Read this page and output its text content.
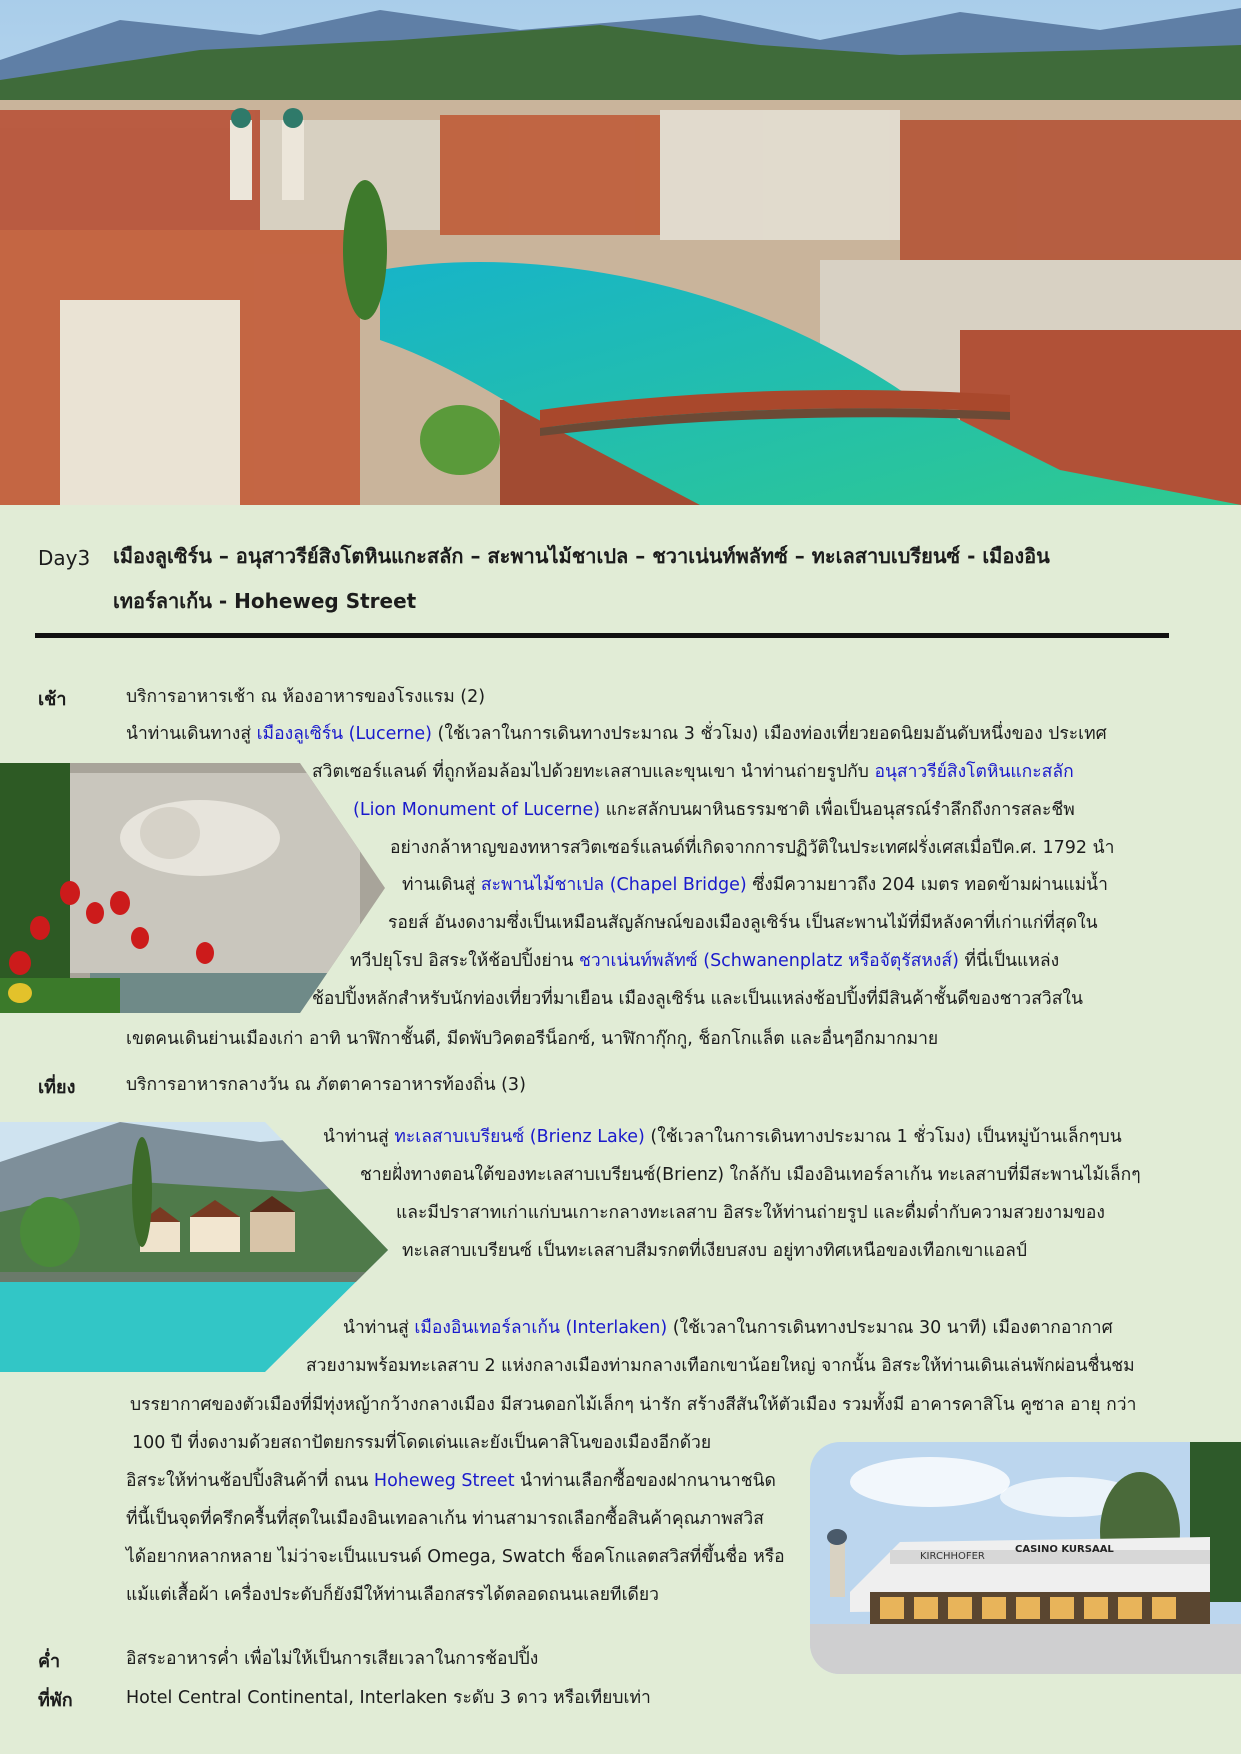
Day3 เมืองลูเซิร์น – อนุสาวรีย์สิงโตหินแกะสลัก – สะพานไม้ชาเปล – ชวาเน่นท์พลัทซ์ – ทะเลสาบเบรียนซ์ - เมืองอิน
เทอร์ลาเก้น - Hoheweg Street
เช้า	บริการอาหารเช้า ณ ห้องอาหารของโรงแรม (2)
นำท่านเดินทางสู่ เมืองลูเซิร์น (Lucerne) (ใช้เวลาในการเดินทางประมาณ 3 ชั่วโมง) เมืองท่องเที่ยวยอดนิยมอันดับหนึ่งของ ประเทศ
สวิตเซอร์แลนด์ ที่ถูกห้อมล้อมไปด้วยทะเลสาบและขุนเขา นำท่านถ่ายรูปกับ อนุสาวรีย์สิงโตหินแกะสลัก
(Lion Monument of Lucerne) แกะสลักบนผาหินธรรมชาติ เพื่อเป็นอนุสรณ์รำลึกถึงการสละชีพ
อย่างกล้าหาญของทหารสวิตเซอร์แลนด์ที่เกิดจากการปฏิวัติในประเทศฝรั่งเศสเมื่อปีค.ศ. 1792 นำ
ท่านเดินสู่ สะพานไม้ชาเปล (Chapel Bridge) ซึ่งมีความยาวถึง 204 เมตร ทอดข้ามผ่านแม่น้ำ
รอยส์ อันงดงามซึ่งเป็นเหมือนสัญลักษณ์ของเมืองลูเซิร์น เป็นสะพานไม้ที่มีหลังคาที่เก่าแก่ที่สุดใน
ทวีปยุโรป อิสระให้ช้อปปิ้งย่าน ชวาเน่นท์พลัทซ์ (Schwanenplatz หรือจัตุรัสหงส์) ที่นี่เป็นแหล่ง
ช้อปปิ้งหลักสำหรับนักท่องเที่ยวที่มาเยือน เมืองลูเซิร์น และเป็นแหล่งช้อปปิ้งที่มีสินค้าชั้นดีของชาวสวิสใน
เขตคนเดินย่านเมืองเก่า อาทิ นาฬิกาชั้นดี, มีดพับวิคตอรีน็อกซ์, นาฬิกากุ๊กกู, ช็อกโกแล็ต และอื่นๆอีกมากมาย
เที่ยง	บริการอาหารกลางวัน ณ ภัตตาคารอาหารท้องถิ่น (3)
นำท่านสู่ ทะเลสาบเบรียนซ์ (Brienz Lake) (ใช้เวลาในการเดินทางประมาณ 1 ชั่วโมง) เป็นหมู่บ้านเล็กๆบน
ชายฝั่งทางตอนใต้ของทะเลสาบเบรียนซ์(Brienz) ใกล้กับ เมืองอินเทอร์ลาเก้น ทะเลสาบที่มีสะพานไม้เล็กๆ
และมีปราสาทเก่าแก่บนเกาะกลางทะเลสาบ อิสระให้ท่านถ่ายรูป และดื่มด่ำกับความสวยงามของ
ทะเลสาบเบรียนซ์ เป็นทะเลสาบสีมรกตที่เงียบสงบ อยู่ทางทิศเหนือของเทือกเขาแอลป์
นำท่านสู่ เมืองอินเทอร์ลาเก้น (Interlaken) (ใช้เวลาในการเดินทางประมาณ 30 นาที) เมืองตากอากาศ
สวยงามพร้อมทะเลสาบ 2 แห่งกลางเมืองท่ามกลางเทือกเขาน้อยใหญ่ จากนั้น อิสระให้ท่านเดินเล่นพักผ่อนชื่นชม
บรรยากาศของตัวเมืองที่มีทุ่งหญ้ากว้างกลางเมือง มีสวนดอกไม้เล็กๆ น่ารัก สร้างสีสันให้ตัวเมือง รวมทั้งมี อาคารคาสิโน คูซาล อายุ กว่า
100 ปี ที่งดงามด้วยสถาปัตยกรรมที่โดดเด่นและยังเป็นคาสิโนของเมืองอีกด้วย
อิสระให้ท่านช้อปปิ้งสินค้าที่ ถนน Hoheweg Street นำท่านเลือกซื้อของฝากนานาชนิด
ที่นี้เป็นจุดที่ครึกครื้นที่สุดในเมืองอินเทอลาเก้น ท่านสามารถเลือกซื้อสินค้าคุณภาพสวิส
ได้อยากหลากหลาย ไม่ว่าจะเป็นแบรนด์ Omega, Swatch ช็อคโกแลตสวิสที่ขึ้นชื่อ หรือ
แม้แต่เสื้อผ้า เครื่องประดับก็ยังมีให้ท่านเลือกสรรได้ตลอดถนนเลยทีเดียว
KIRCHHOFER
CASINO KURSAAL
ค่ำ	อิสระอาหารค่ำ เพื่อไม่ให้เป็นการเสียเวลาในการช้อปปิ้ง
ที่พัก	Hotel Central Continental, Interlaken ระดับ 3 ดาว หรือเทียบเท่า
